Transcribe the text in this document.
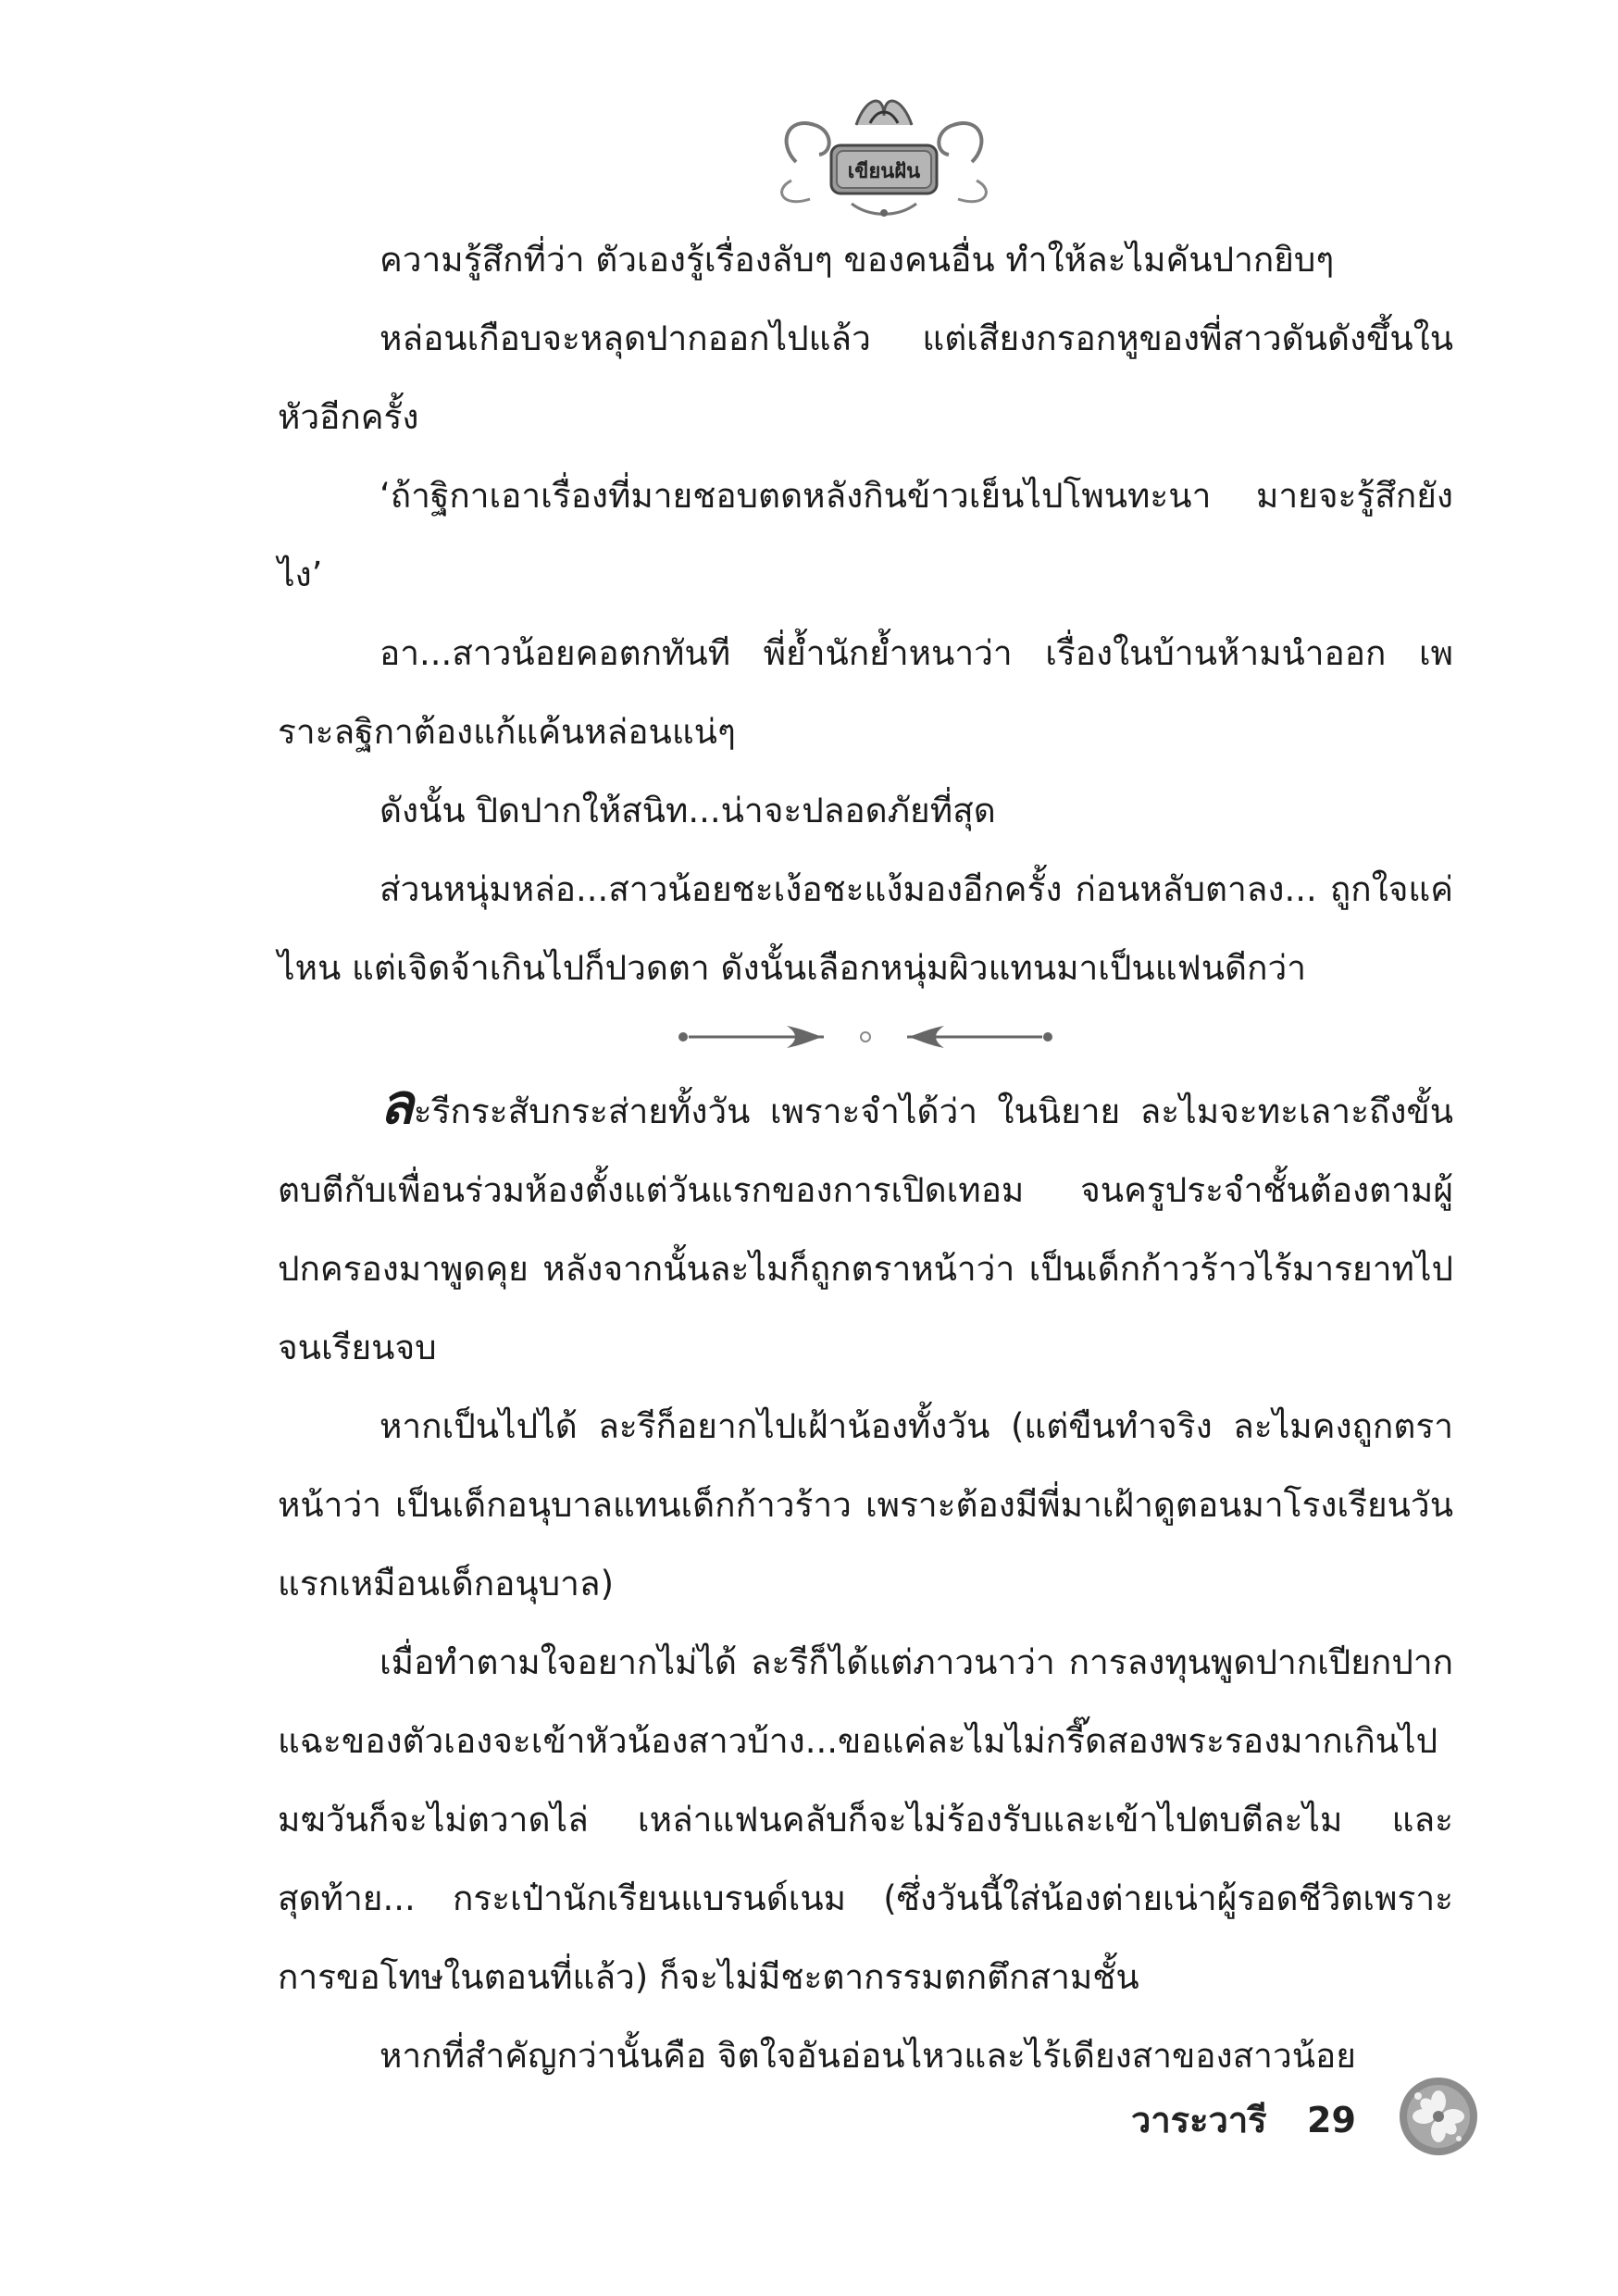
เขียนฝัน

ความรู้สึกที่ว่า ตัวเองรู้เรื่องลับๆ ของคนอื่น ทำให้ละไมคันปากยิบๆ

หล่อนเกือบจะหลุดปากออกไปแล้ว แต่เสียงกรอกหูของพี่สาวดันดังขึ้นในหัวอีกครั้ง

‘ถ้าฐิกาเอาเรื่องที่มายชอบตดหลังกินข้าวเย็นไปโพนทะนา มายจะรู้สึกยังไง’

อา...สาวน้อยคอตกทันที พี่ย้ำนักย้ำหนาว่า เรื่องในบ้านห้ามนำออก เพราะลฐิกาต้องแก้แค้นหล่อนแน่ๆ

ดังนั้น ปิดปากให้สนิท...น่าจะปลอดภัยที่สุด

ส่วนหนุ่มหล่อ...สาวน้อยชะเง้อชะแง้มองอีกครั้ง ก่อนหลับตาลง... ถูกใจแค่ไหน แต่เจิดจ้าเกินไปก็ปวดตา ดังนั้นเลือกหนุ่มผิวแทนมาเป็นแฟนดีกว่า

ละรีกระสับกระส่ายทั้งวัน เพราะจำได้ว่า ในนิยาย ละไมจะทะเลาะถึงขั้นตบตีกับเพื่อนร่วมห้องตั้งแต่วันแรกของการเปิดเทอม จนครูประจำชั้นต้องตามผู้ปกครองมาพูดคุย หลังจากนั้นละไมก็ถูกตราหน้าว่า เป็นเด็กก้าวร้าวไร้มารยาทไปจนเรียนจบ

หากเป็นไปได้ ละรีก็อยากไปเฝ้าน้องทั้งวัน (แต่ขืนทำจริง ละไมคงถูกตราหน้าว่า เป็นเด็กอนุบาลแทนเด็กก้าวร้าว เพราะต้องมีพี่มาเฝ้าดูตอนมาโรงเรียนวันแรกเหมือนเด็กอนุบาล)

เมื่อทำตามใจอยากไม่ได้ ละรีก็ได้แต่ภาวนาว่า การลงทุนพูดปากเปียกปากแฉะของตัวเองจะเข้าหัวน้องสาวบ้าง...ขอแค่ละไมไม่กรี๊ดสองพระรองมากเกินไป มฆวันก็จะไม่ตวาดไล่ เหล่าแฟนคลับก็จะไม่ร้องรับและเข้าไปตบตีละไม และสุดท้าย... กระเป๋านักเรียนแบรนด์เนม (ซึ่งวันนี้ใส่น้องต่ายเน่าผู้รอดชีวิตเพราะการขอโทษในตอนที่แล้ว) ก็จะไม่มีชะตากรรมตกตึกสามชั้น

หากที่สำคัญกว่านั้นคือ จิตใจอันอ่อนไหวและไร้เดียงสาของสาวน้อย

วาระวารี 29
